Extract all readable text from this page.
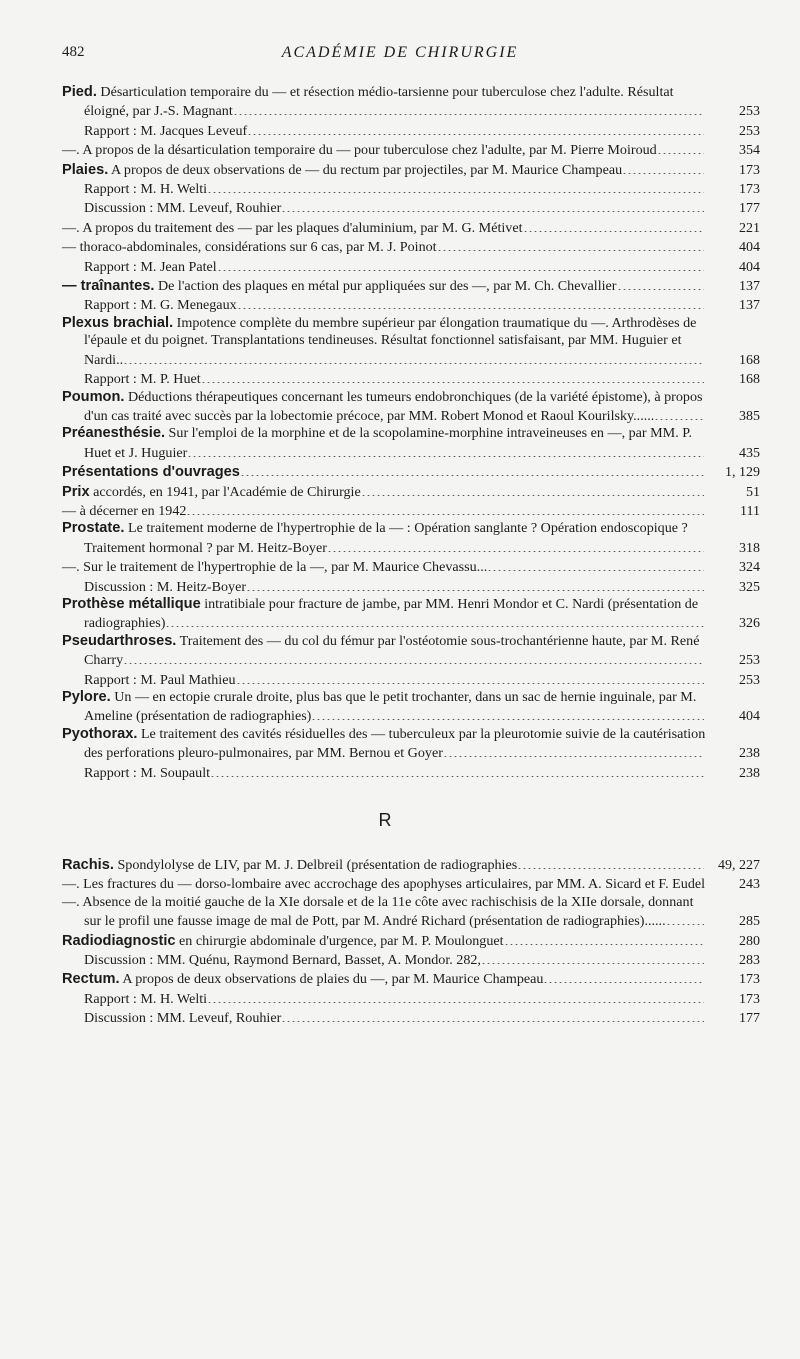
482	ACADÉMIE DE CHIRURGIE
Pied. Désarticulation temporaire du — et résection médio-tarsienne pour tuberculose chez l'adulte. Résultat éloigné, par J.-S. Magnant	253
Rapport : M. Jacques Leveuf	253
—. A propos de la désarticulation temporaire du — pour tuberculose chez l'adulte, par M. Pierre Moiroud	354
Plaies. A propos de deux observations de — du rectum par projectiles, par M. Maurice Champeau	173
Rapport : M. H. Welti	173
Discussion : MM. Leveuf, Rouhier	177
—. A propos du traitement des — par les plaques d'aluminium, par M. G. Métivet	221
— thoraco-abdominales, considérations sur 6 cas, par M. J. Poinot	404
Rapport : M. Jean Patel	404
— traînantes. De l'action des plaques en métal pur appliquées sur des —, par M. Ch. Chevallier	137
Rapport : M. G. Menegaux	137
Plexus brachial. Impotence complète du membre supérieur par élongation traumatique du —. Arthrodèses de l'épaule et du poignet. Transplantations tendineuses. Résultat fonctionnel satisfaisant, par MM. Huguier et Nardi..	168
Rapport : M. P. Huet	168
Poumon. Déductions thérapeutiques concernant les tumeurs endobronchiques (de la variété épistome), à propos d'un cas traité avec succès par la lobectomie précoce, par MM. Robert Monod et Raoul Kourilsky......	385
Préanesthésie. Sur l'emploi de la morphine et de la scopolamine-morphine intraveineuses en —, par MM. P. Huet et J. Huguier	435
Présentations d'ouvrages	1, 129
Prix accordés, en 1941, par l'Académie de Chirurgie	51
— à décerner en 1942	111
Prostate. Le traitement moderne de l'hypertrophie de la — : Opération sanglante ? Opération endoscopique ? Traitement hormonal ? par M. Heitz-Boyer	318
—. Sur le traitement de l'hypertrophie de la —, par M. Maurice Chevassu...	324
Discussion : M. Heitz-Boyer	325
Prothèse métallique intratibiale pour fracture de jambe, par MM. Henri Mondor et C. Nardi (présentation de radiographies)	326
Pseudarthroses. Traitement des — du col du fémur par l'ostéotomie sous-trochantérienne haute, par M. René Charry	253
Rapport : M. Paul Mathieu	253
Pylore. Un — en ectopie crurale droite, plus bas que le petit trochanter, dans un sac de hernie inguinale, par M. Ameline (présentation de radiographies)	404
Pyothorax. Le traitement des cavités résiduelles des — tuberculeux par la pleurotomie suivie de la cautérisation des perforations pleuro-pulmonaires, par MM. Bernou et Goyer	238
Rapport : M. Soupault	238
R
Rachis. Spondylolyse de LIV, par M. J. Delbreil (présentation de radiographies	49, 227
—. Les fractures du — dorso-lombaire avec accrochage des apophyses articulaires, par MM. A. Sicard et F. Eudel	243
—. Absence de la moitié gauche de la XIe dorsale et de la 11e côte avec rachischisis de la XIIe dorsale, donnant sur le profil une fausse image de mal de Pott, par M. André Richard (présentation de radiographies)......	285
Radiodiagnostic en chirurgie abdominale d'urgence, par M. P. Moulonguet	280
Discussion : MM. Quénu, Raymond Bernard, Basset, A. Mondor. 282,	283
Rectum. A propos de deux observations de plaies du —, par M. Maurice Champeau	173
Rapport : M. H. Welti	173
Discussion : MM. Leveuf, Rouhier	177
